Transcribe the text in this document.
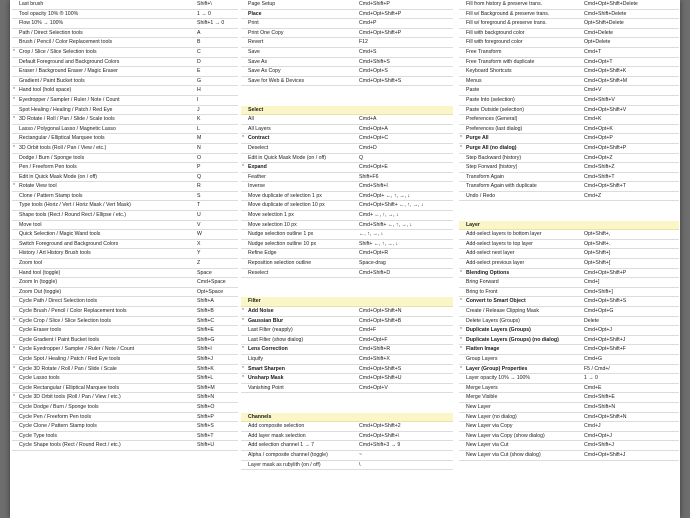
Last brush	Shift+\
Tool opacity 10% ® 100%	1 → 0
Flow 10% → 100%	Shift+1 → 0
Path / Direct Selection tools	A
Brush / Pencil / Color Replacement tools	B
* Crop / Slice / Slice Selection tools	C
Default Foreground and Background Colors	D
Eraser / Background Eraser / Magic Eraser	E
Gradient / Paint Bucket tools	G
* Hand tool (hold space)	H
* Eyedropper / Sampler / Ruler / Note / Count	I
Spot Healing / Healing / Patch / Red Eye	J
* 3D Rotate / Roll / Pan / Slide / Scale tools	K
Lasso / Polygonal Lasso / Magnetic Lasso	L
Rectangular / Elliptical Marquee tools	M
* 3D Orbit tools (Roll / Pan / View / etc.)	N
Dodge / Burn / Sponge tools	O
Pen / Freeform Pen tools	P
Edit in Quick Mask Mode (on / off)	Q
* Rotate View tool	R
Clone / Pattern Stamp tools	S
Type tools (Horiz / Vert / Horiz Mask / Vert Mask)	T
Shape tools (Rect / Round Rect / Ellipse / etc.)	U
Move tool	V
Quick Selection / Magic Wand tools	W
Switch Foreground and Background Colors	X
History / Art History Brush tools	Y
Zoom tool	Z
Hand tool (toggle)	Space
Zoom In (toggle)	Cmd+Space
Zoom Out (toggle)	Opt+Space
Cycle Path / Direct Selection tools	Shift+A
Cycle Brush / Pencil / Color Replacement tools	Shift+B
* Cycle Crop / Slice / Slice Selection tools	Shift+C
Cycle Eraser tools	Shift+E
Cycle Gradient / Paint Bucket tools	Shift+G
* Cycle Eyedropper / Sampler / Ruler / Note / Count	Shift+I
Cycle Spot / Healing / Patch / Red Eye tools	Shift+J
* Cycle 3D Rotate / Roll / Pan / Slide / Scale	Shift+K
Cycle Lasso tools	Shift+L
Cycle Rectangular / Elliptical Marquee tools	Shift+M
* Cycle 3D Orbit tools (Roll / Pan / View / etc.)	Shift+N
Cycle Dodge / Burn / Sponge tools	Shift+O
Cycle Pen / Freeform Pen tools	Shift+P
Cycle Clone / Pattern Stamp tools	Shift+S
Cycle Type tools	Shift+T
Cycle Shape tools (Rect / Round Rect / etc.)	Shift+U
Page Setup	Cmd+Shift+P
Place	Cmd+Opt+Shift+P
Print	Cmd+P
Print One Copy	Cmd+Opt+Shift+P
Revert	F12
Save	Cmd+S
Save As	Cmd+Shift+S
Save As Copy	Cmd+Opt+S
Save for Web & Devices	Cmd+Opt+Shift+S
Select
All	Cmd+A
All Layers	Cmd+Opt+A
* Contract	Cmd+Opt+C
Deselect	Cmd+D
Edit in Quick Mask Mode (on / off)	Q
* Expand	Cmd+Opt+E
Feather	Shift+F6
Inverse	Cmd+Shift+I
Move duplicate of selection 1 px	Cmd+Opt+ ←, ↑, →, ↓
Move duplicate of selection 10 px	Cmd+Opt+Shift+ ←, ↑, →, ↓
Move selection 1 px	Cmd+ ←, ↑, →, ↓
Move selection 10 px	Cmd+Shift+ ←, ↑, →, ↓
Nudge selection outline 1 px	←, ↑, →, ↓
Nudge selection outline 10 px	Shift+ ←, ↑, →, ↓
Refine Edge	Cmd+Opt+R
Reposition selection outline	Space-drag
Reselect	Cmd+Shift+D
Filter
* Add Noise	Cmd+Opt+Shift+N
* Gaussian Blur	Cmd+Opt+Shift+B
Last Filter (reapply)	Cmd+F
Last Filter (show dialog)	Cmd+Opt+F
* Lens Correction	Cmd+Shift+R
Liquify	Cmd+Shift+X
* Smart Sharpen	Cmd+Opt+Shift+S
* Unsharp Mask	Cmd+Opt+Shift+U
Vanishing Point	Cmd+Opt+V
Channels
Add composite selection	Cmd+Opt+Shift+2
Add layer mask selection	Cmd+Opt+Shift+\
Add selection channel 1 → 7	Cmd+Shift+3 → 9
Alpha / composite channel (toggle)	~
Layer mask as rubylith (on / off)	\
Fill from history & preserve trans.	Cmd+Opt+Shift+Delete
Fill w/ Background & preserve trans.	Cmd+Shift+Delete
Fill w/ foreground & preserve trans.	Opt+Shift+Delete
Fill with background color	Cmd+Delete
Fill with foreground color	Opt+Delete
Free Transform	Cmd+T
Free Transform with duplicate	Cmd+Opt+T
Keyboard Shortcuts	Cmd+Opt+Shift+K
Menus	Cmd+Opt+Shift+M
Paste	Cmd+V
Paste Into (selection)	Cmd+Shift+V
Paste Outside (selection)	Cmd+Opt+Shift+V
Preferences (General)	Cmd+K
Preferences (last dialog)	Cmd+Opt+K
* Purge All	Cmd+Opt+P
* Purge All (no dialog)	Cmd+Opt+Shift+P
Step Backward (history)	Cmd+Opt+Z
Step Forward (history)	Cmd+Shift+Z
Transform Again	Cmd+Shift+T
Transform Again with duplicate	Cmd+Opt+Shift+T
Undo / Redo	Cmd+Z
Layer
Add-select layers to bottom layer	Opt+Shift+,
Add-select layers to top layer	Opt+Shift+.
Add-select next layer	Opt+Shift+]
Add-select previous layer	Opt+Shift+[
* Blending Options	Cmd+Opt+Shift+P
Bring Forward	Cmd+]
Bring to Front	Cmd+Shift+]
* Convert to Smart Object	Cmd+Opt+Shift+S
Create / Release Clipping Mask	Cmd+Opt+G
Delete Layers (Groups)	Delete
* Duplicate Layers (Groups)	Cmd+Opt+J
* Duplicate Layers (Groups) (no dialog)	Cmd+Opt+Shift+J
* Flatten Image	Cmd+Opt+Shift+F
Group Layers	Cmd+G
* Layer (Group) Properties	F5 / Cmd+/
Layer opacity 10% → 100%	1 → 0
Merge Layers	Cmd+E
Merge Visible	Cmd+Shift+E
New Layer	Cmd+Shift+N
New Layer (no dialog)	Cmd+Opt+Shift+N
New Layer via Copy	Cmd+J
New Layer via Copy (show dialog)	Cmd+Opt+J
New Layer via Cut	Cmd+Shift+J
New Layer via Cut (show dialog)	Cmd+Opt+Shift+J
